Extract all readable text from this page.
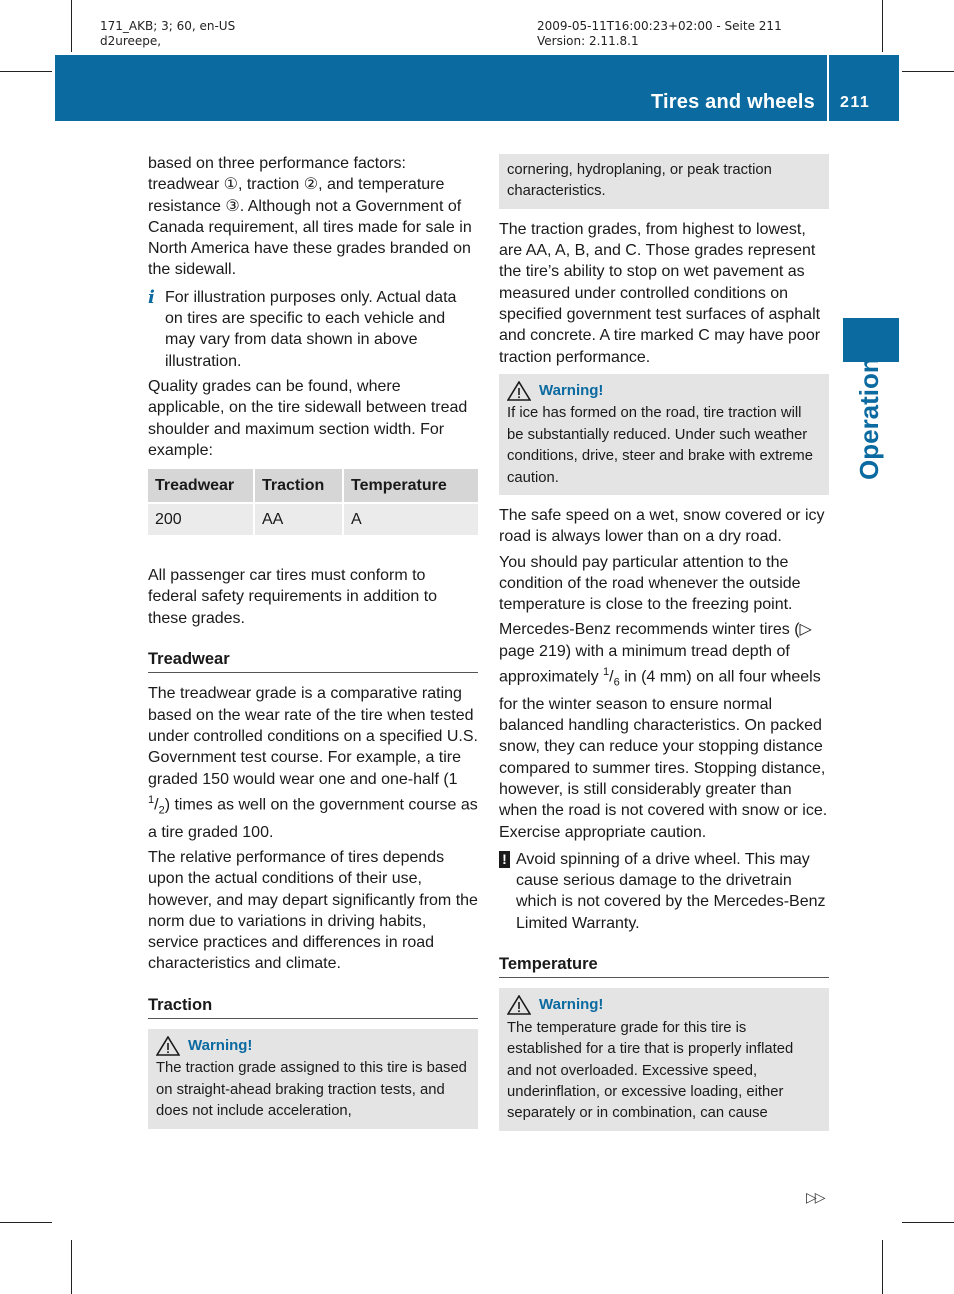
171_AKB; 3; 60, en-US
d2ureepe,
2009-05-11T16:00:23+02:00 - Seite 211
Version: 2.11.8.1
Tires and wheels 211
Operation

based on three performance factors: treadwear ①, traction ②, and temperature resistance ③. Although not a Government of Canada requirement, all tires made for sale in North America have these grades branded on the sidewall.

i For illustration purposes only. Actual data on tires are specific to each vehicle and may vary from data shown in above illustration.

Quality grades can be found, where applicable, on the tire sidewall between tread shoulder and maximum section width. For example:

Treadwear	Traction	Temperature
200	AA	A

All passenger car tires must conform to federal safety requirements in addition to these grades.

Treadwear

The treadwear grade is a comparative rating based on the wear rate of the tire when tested under controlled conditions on a specified U.S. Government test course. For example, a tire graded 150 would wear one and one-half (1 $^1/_2$) times as well on the government course as a tire graded 100.

The relative performance of tires depends upon the actual conditions of their use, however, and may depart significantly from the norm due to variations in driving habits, service practices and differences in road characteristics and climate.

Traction
Warning!
The traction grade assigned to this tire is based on straight-ahead braking traction tests, and does not include acceleration,
cornering, hydroplaning, or peak traction characteristics.

The traction grades, from highest to lowest, are AA, A, B, and C. Those grades represent the tire’s ability to stop on wet pavement as measured under controlled conditions on specified government test surfaces of asphalt and concrete. A tire marked C may have poor traction performance.

Warning!
If ice has formed on the road, tire traction will be substantially reduced. Under such weather conditions, drive, steer and brake with extreme caution.

The safe speed on a wet, snow covered or icy road is always lower than on a dry road.

You should pay particular attention to the condition of the road whenever the outside temperature is close to the freezing point.

Mercedes-Benz recommends winter tires (▷ page 219) with a minimum tread depth of approximately $^1/_6$ in (4 mm) on all four wheels for the winter season to ensure normal balanced handling characteristics. On packed snow, they can reduce your stopping distance compared to summer tires. Stopping distance, however, is still considerably greater than when the road is not covered with snow or ice. Exercise appropriate caution.

! Avoid spinning of a drive wheel. This may cause serious damage to the drivetrain which is not covered by the Mercedes-Benz Limited Warranty.
Temperature
Warning!
The temperature grade for this tire is established for a tire that is properly inflated and not overloaded. Excessive speed, underinflation, or excessive loading, either separately or in combination, can cause
▷▷
